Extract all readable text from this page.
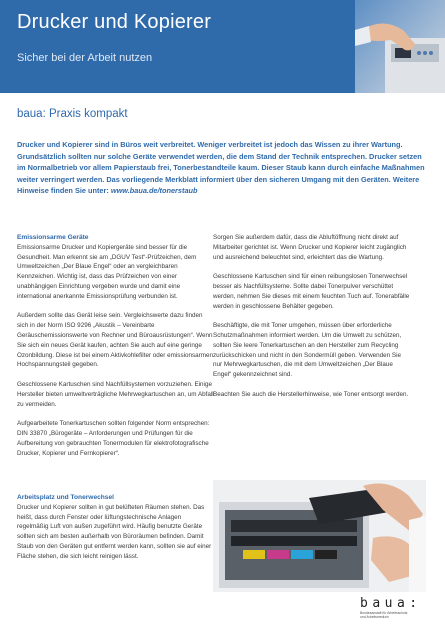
Drucker und Kopierer
Sicher bei der Arbeit nutzen
baua: Praxis kompakt

Drucker und Kopierer sind in Büros weit verbreitet. Weniger verbreitet ist jedoch das Wissen zu ihrer Wartung. Grundsätzlich sollten nur solche Geräte verwendet werden, die dem Stand der Technik entsprechen. Drucker setzen im Normalbetrieb vor allem Papierstaub frei, Tonerbestandteile kaum. Dieser Staub kann durch einfache Maßnahmen weiter verringert werden. Das vorliegende Merkblatt informiert über den sicheren Umgang mit den Geräten. Weitere Hinweise finden Sie unter: www.baua.de/tonerstaub

Emissionsarme Geräte

Emissionsarme Drucker und Kopiergeräte sind besser für die Gesundheit. Man erkennt sie am „DGUV Test“-Prüfzeichen, dem Umweltzeichen „Der Blaue Engel“ oder an vergleichbaren Kennzeichen. Wichtig ist, dass das Prüfzeichen von einer unabhängigen Einrichtung vergeben wurde und damit eine international anerkannte Emissionsprüfung verbunden ist.

Außerdem sollte das Gerät leise sein. Vergleichswerte dazu finden sich in der Norm ISO 9296 „Akustik – Vereinbarte Geräuschemissionswerte von Rechner und Büroausrüstungen“. Wenn Sie sich ein neues Gerät kaufen, achten Sie auch auf eine geringe Ozonbildung. Diese ist bei einem Aktivkohlefilter oder emissionsarmen Hochspannungsteil gegeben.

Geschlossene Kartuschen sind Nachfüllsystemen vorzuziehen. Einige Hersteller bieten umweltverträgliche Mehrwegkartuschen an, um Abfall zu vermeiden.

Aufgearbeitete Tonerkartuschen sollten folgender Norm entsprechen: DIN 33870 „Bürogeräte – Anforderungen und Prüfungen für die Aufbereitung von gebrauchten Tonermodulen für elektrofotografische Drucker, Kopierer und Fernkopierer“.

Sorgen Sie außerdem dafür, dass die Abluftöffnung nicht direkt auf Mitarbeiter gerichtet ist. Wenn Drucker und Kopierer leicht zugänglich und ausreichend beleuchtet sind, erleichtert das die Wartung.

Geschlossene Kartuschen sind für einen reibungslosen Tonerwechsel besser als Nachfüllsysteme. Sollte dabei Tonerpulver verschüttet werden, nehmen Sie dieses mit einem feuchten Tuch auf. Tonerabfälle werden in geschlossene Behälter gegeben.

Beschäftigte, die mit Toner umgehen, müssen über erforderliche Schutzmaßnahmen informiert werden. Um die Umwelt zu schützen, sollten Sie leere Tonerkartuschen an den Hersteller zum Recycling zurückschicken und nicht in den Sondermüll geben. Verwenden Sie nur Mehrwegkartuschen, die mit dem Umweltzeichen „Der Blaue Engel“ gekennzeichnet sind.

Beachten Sie auch die Herstellerhinweise, wie Toner entsorgt werden.

Arbeitsplatz und Tonerwechsel

Drucker und Kopierer sollten in gut belüfteten Räumen stehen. Das heißt, dass durch Fenster oder lüftungstechnische Anlagen regelmäßig Luft von außen zugeführt wird. Häufig benutzte Geräte sollten sich am besten außerhalb von Büroräumen befinden. Damit Staub von den Geräten gut entfernt werden kann, sollten sie auf einer Fläche stehen, die sich leicht reinigen lässt.

baua:
Bundesanstalt für Arbeitsschutz
und Arbeitsmedizin
